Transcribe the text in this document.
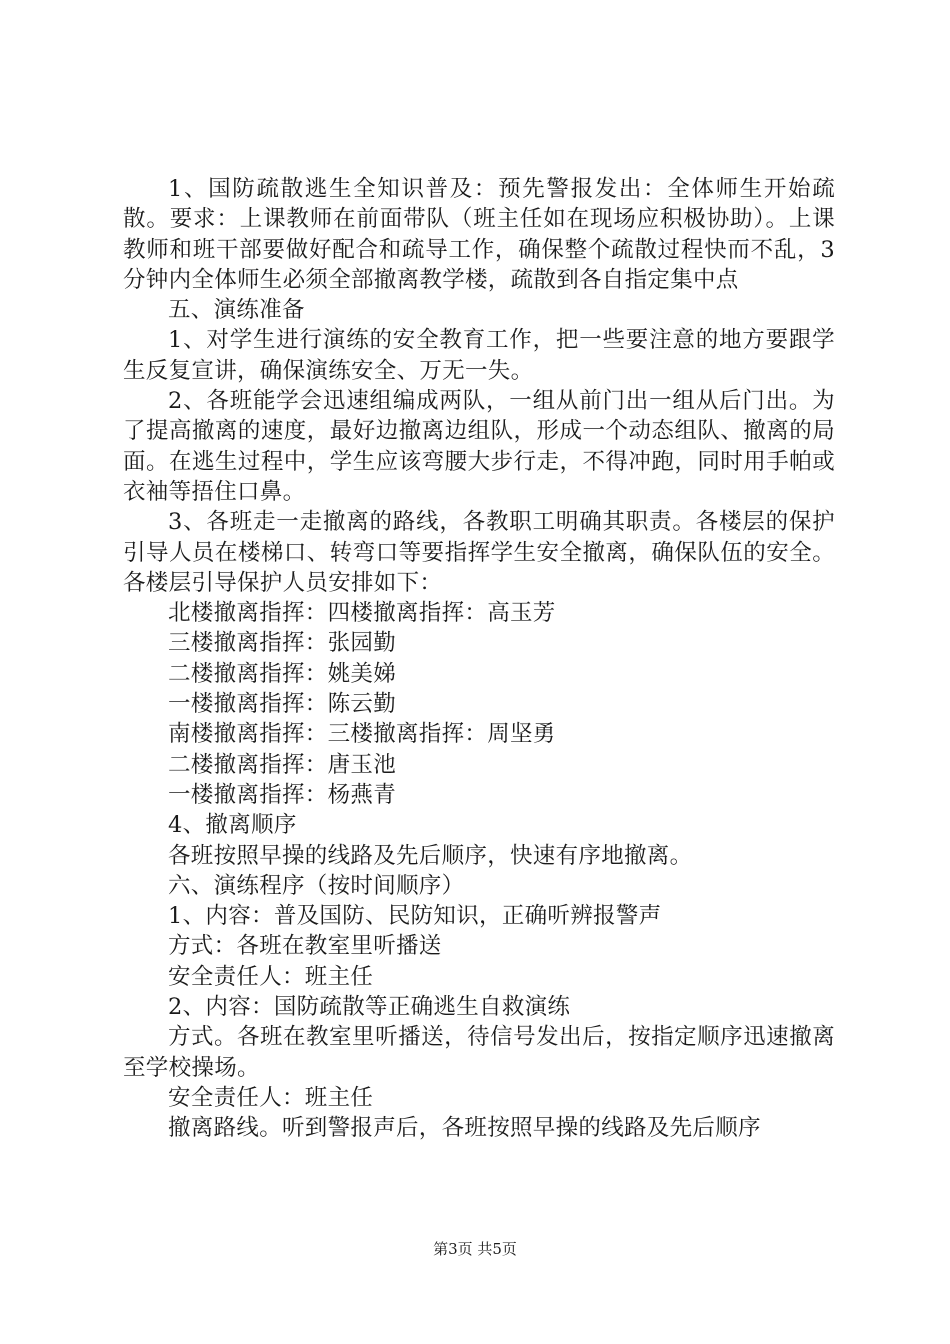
1、国防疏散逃生全知识普及：预先警报发出：全体师生开始疏散。要求：上课教师在前面带队（班主任如在现场应积极协助）。上课教师和班干部要做好配合和疏导工作，确保整个疏散过程快而不乱，3分钟内全体师生必须全部撤离教学楼，疏散到各自指定集中点

五、演练准备

1、对学生进行演练的安全教育工作，把一些要注意的地方要跟学生反复宣讲，确保演练安全、万无一失。

2、各班能学会迅速组编成两队，一组从前门出一组从后门出。为了提高撤离的速度，最好边撤离边组队，形成一个动态组队、撤离的局面。在逃生过程中，学生应该弯腰大步行走，不得冲跑，同时用手帕或衣袖等捂住口鼻。

3、各班走一走撤离的路线，各教职工明确其职责。各楼层的保护引导人员在楼梯口、转弯口等要指挥学生安全撤离，确保队伍的安全。各楼层引导保护人员安排如下：

北楼撤离指挥：四楼撤离指挥：高玉芳

三楼撤离指挥：张园勤

二楼撤离指挥：姚美娣

一楼撤离指挥：陈云勤

南楼撤离指挥：三楼撤离指挥：周坚勇

二楼撤离指挥：唐玉池

一楼撤离指挥：杨燕青

4、撤离顺序

各班按照早操的线路及先后顺序，快速有序地撤离。

六、演练程序（按时间顺序）

1、内容：普及国防、民防知识，正确听辨报警声

方式：各班在教室里听播送

安全责任人：班主任

2、内容：国防疏散等正确逃生自救演练

方式。各班在教室里听播送，待信号发出后，按指定顺序迅速撤离至学校操场。

安全责任人：班主任

撤离路线。听到警报声后，各班按照早操的线路及先后顺序

第3页 共5页
